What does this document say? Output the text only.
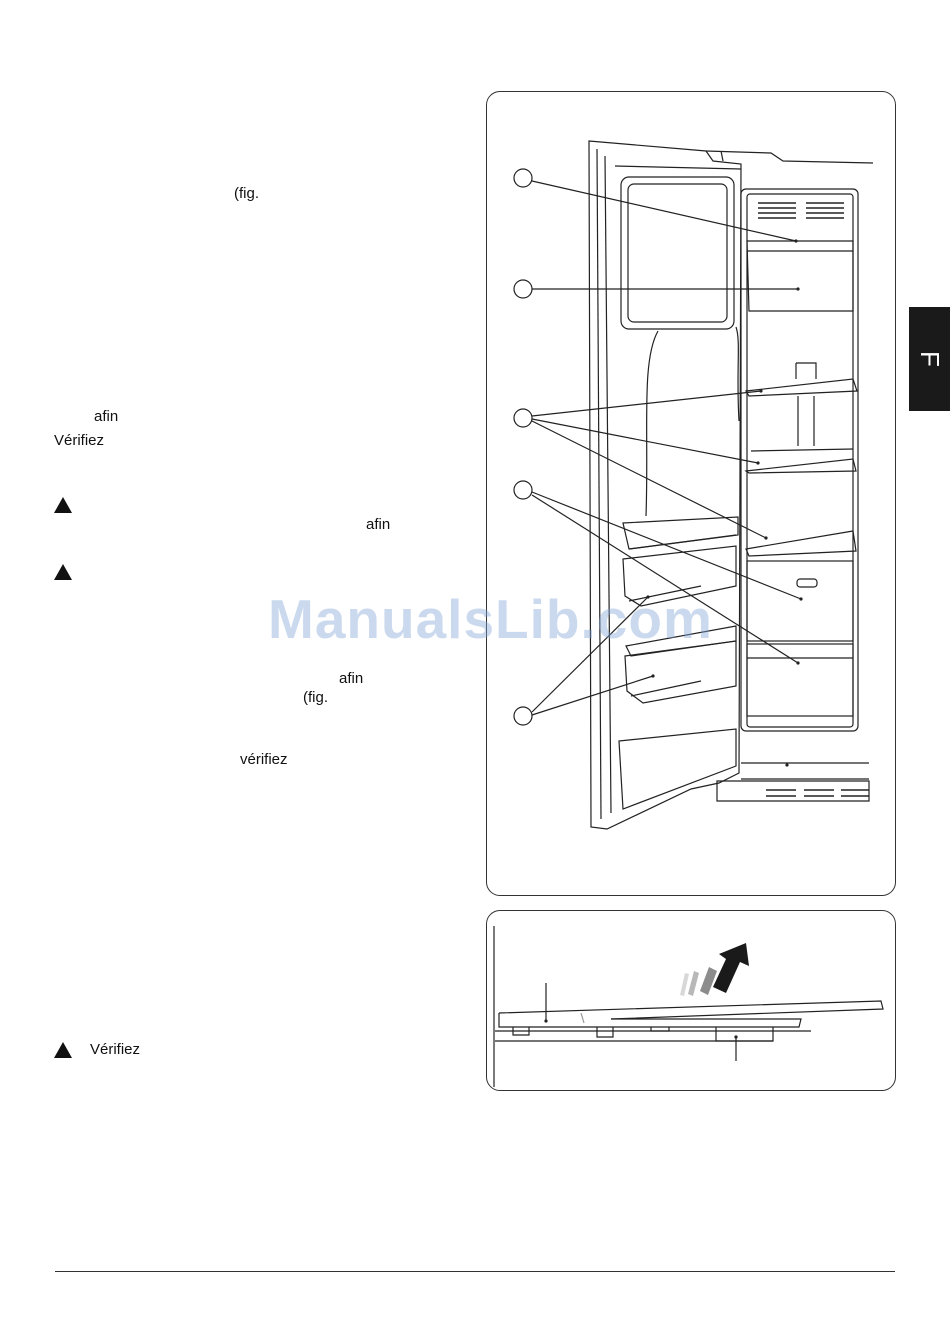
(fig.
afin
Vérifiez
afin
afin
(fig.
vérifiez
Vérifiez
F
ManualsLib.com
